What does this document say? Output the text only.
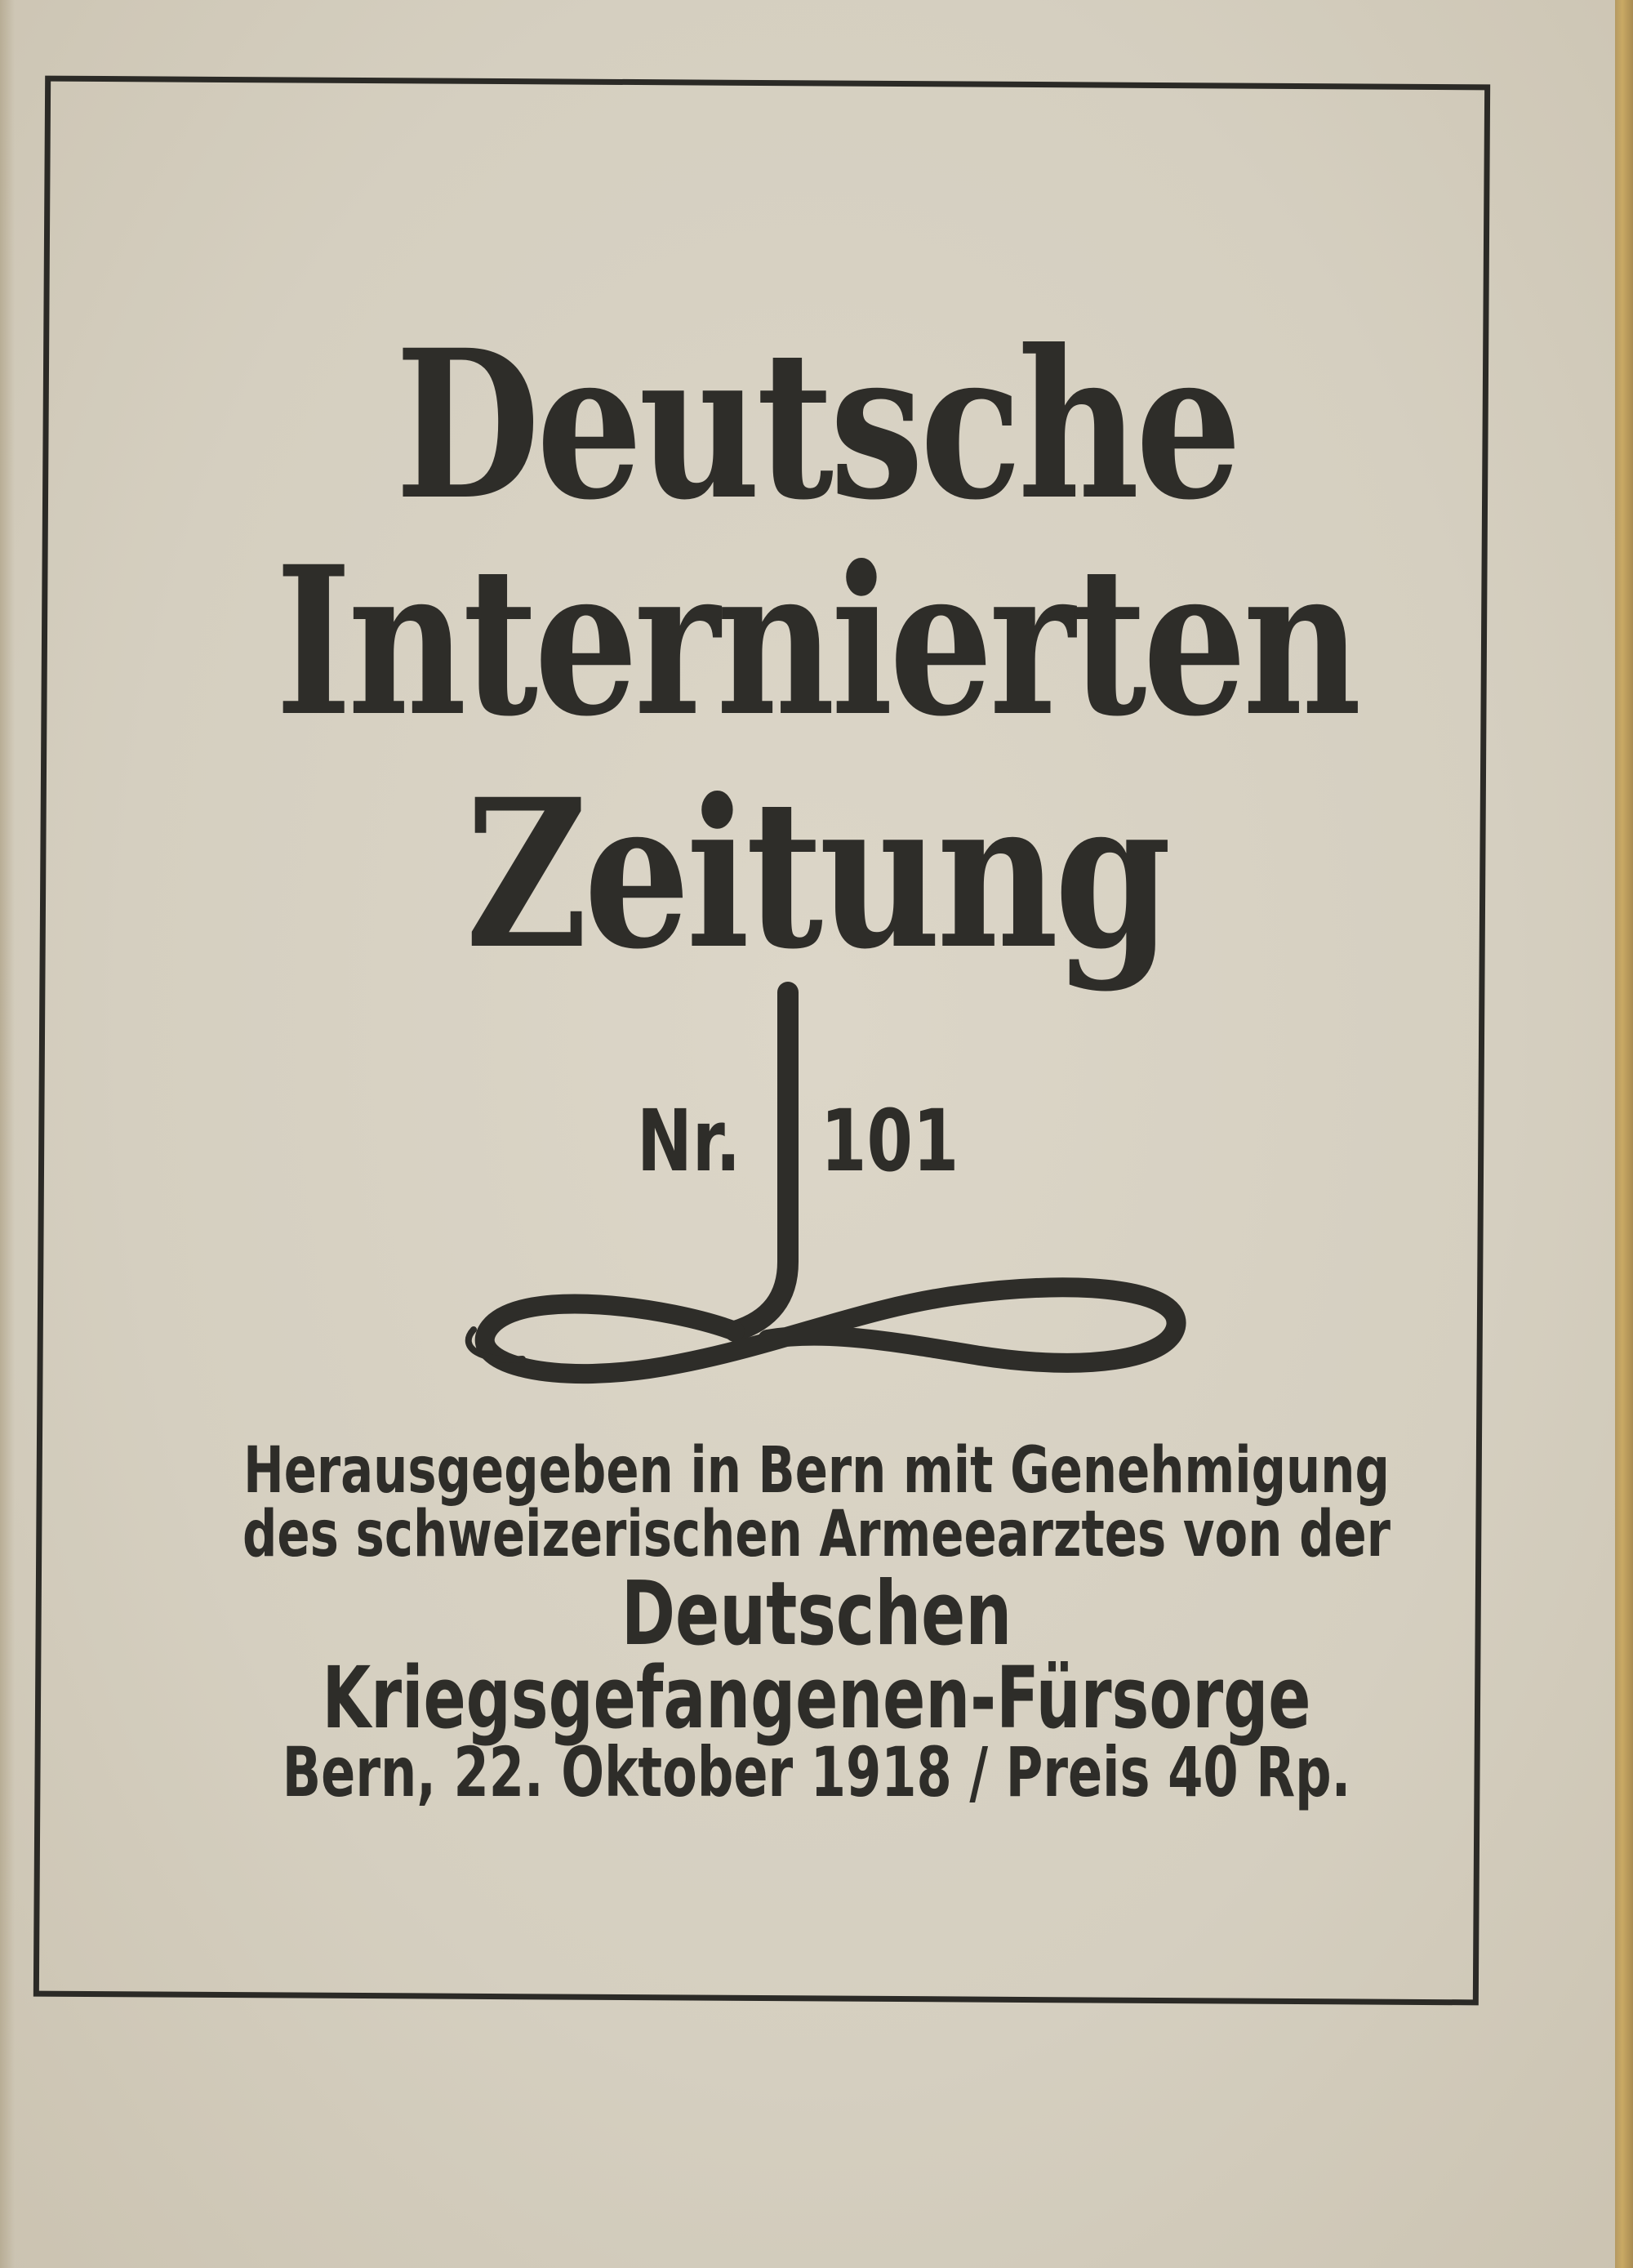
Deutsche
Internierten
Zeitung
Nr. 101
Herausgegeben in Bern mit Genehmigung
des schweizerischen Armeearztes von der
Deutschen
Kriegsgefangenen-Fürsorge
Bern, 22. Oktober 1918 / Preis 40 Rp.
